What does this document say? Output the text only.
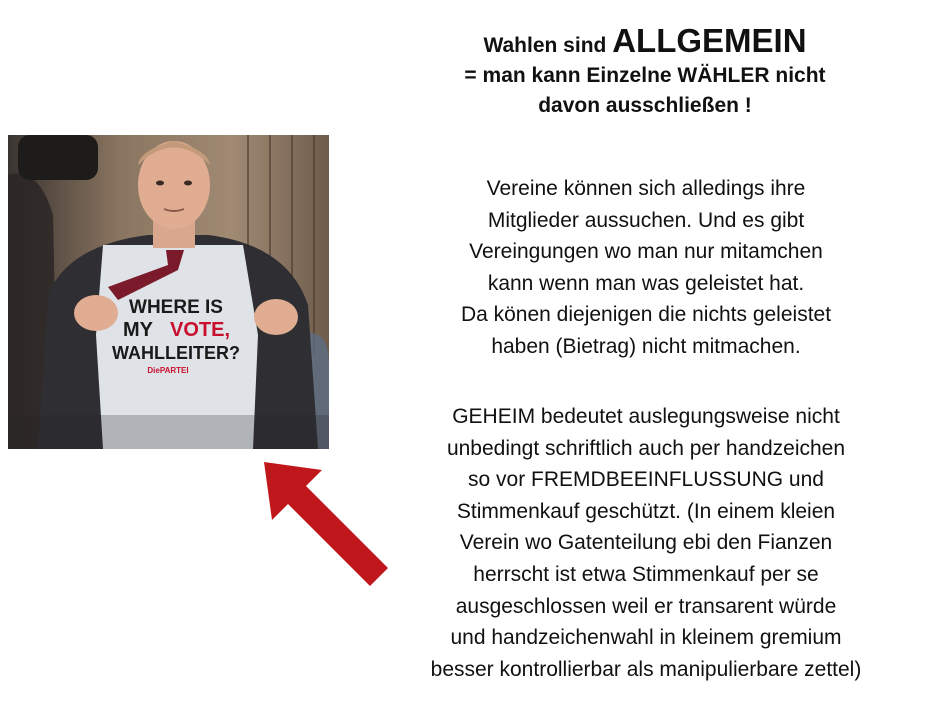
Wahlen sind ALLGEMEIN
= man kann Einzelne WÄHLER nicht
davon ausschließen !
Vereine können sich alledings ihre
Mitglieder aussuchen. Und es gibt
Vereingungen wo man nur mitamchen
kann wenn man was geleistet hat.
Da könen diejenigen die nichts geleistet
haben (Bietrag) nicht mitmachen.
GEHEIM bedeutet auslegungsweise nicht
unbedingt schriftlich auch per handzeichen
so vor FREMDBEEINFLUSSUNG und
Stimmenkauf geschützt. (In einem kleien
Verein wo Gatenteilung ebi den Fianzen
herrscht ist etwa Stimmenkauf per se
ausgeschlossen weil er transarent würde
und handzeichenwahl in kleinem gremium
besser kontrollierbar als manipulierbare zettel)
WHERE IS
MY VOTE,
WAHLLEITER?
DiePARTEI
